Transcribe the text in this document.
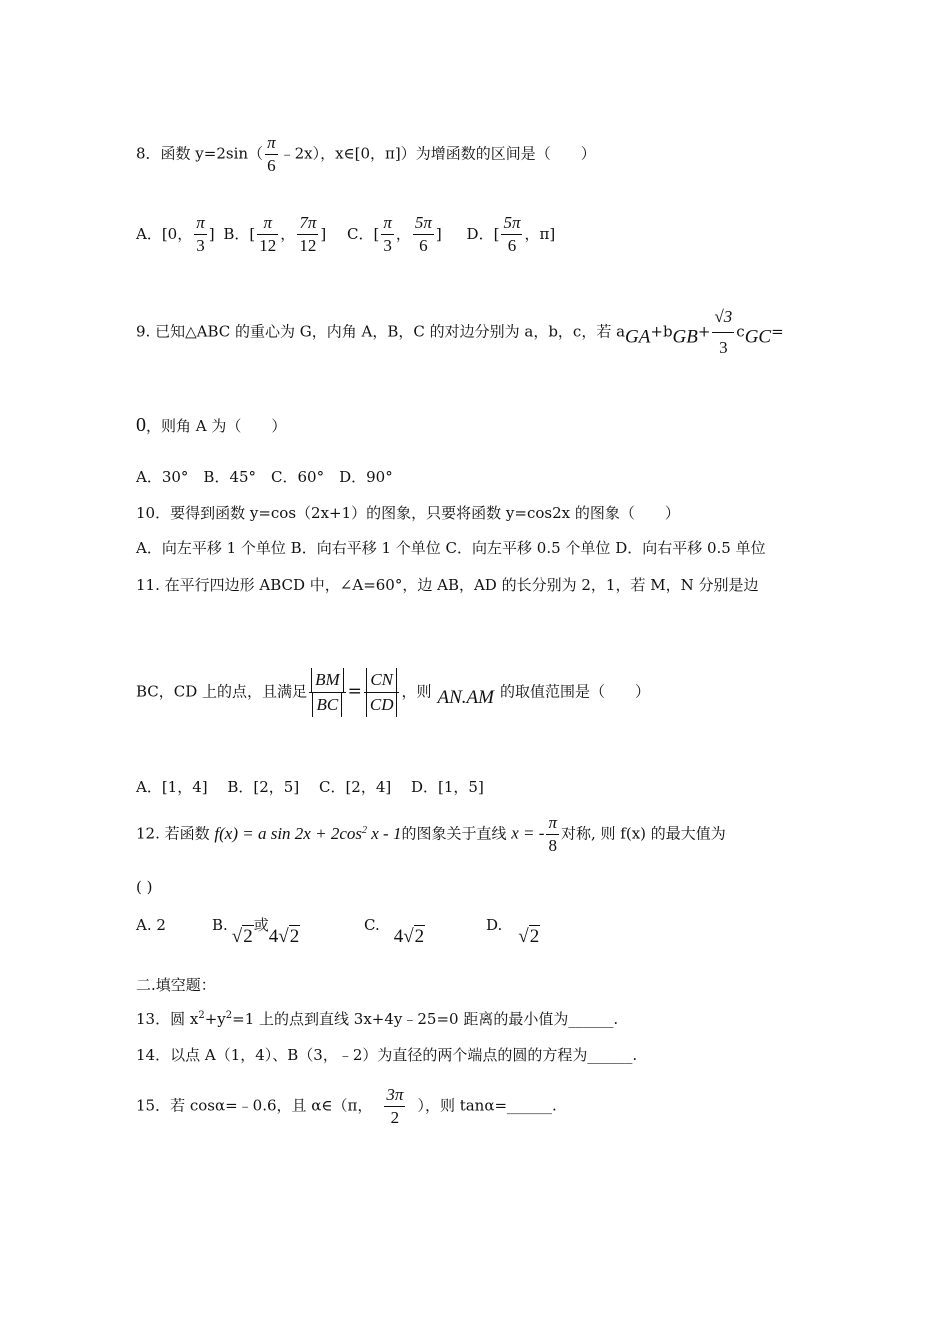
8．函数 $y=2\sin( \frac{\pi}{6}$ ﹣2x），x∈[0，π]）为增函数的区间是（　　）
A．[0， $\frac{\pi}{3}$ ] B．[ $\frac{\pi}{12}$ ， $\frac{7\pi}{12}$ ] C．[ $\frac{\pi}{3}$ ， $\frac{5\pi}{6}$ ] D．[ $\frac{5\pi}{6}$ ，π]
9. 已知△ABC 的重心为 G，内角 A，B，C 的对边分别为 a，b，c，若 $aGA+bGB+ \frac{√3}{3} cGC=$
0，则角 A 为（　　）
A．30°　B．45°　C．60°　D．90°
10．要得到函数 y=cos（2x+1）的图象，只要将函数 y=cos2x 的图象（　　）
A．向左平移 1 个单位 B．向右平移 1 个单位 C．向左平移 0.5 个单位 D．向右平移 0.5 单位
11. 在平行四边形 ABCD 中，∠A=60°，边 AB，AD 的长分别为 2，1，若 M，N 分别是边
BC，CD 上的点，且满足 $\frac{BM}{BC} = \frac{CN}{CD}$ ，则 AN.AM 的取值范围是（　　）
A．[1，4]　 B．[2，5]　 C．[2，4]　 D．[1，5]
12. 若函数 f(x) = a $\sin 2x + 2\cos^2$ x - 1的图象关于直线 x = - $\frac{\pi}{8}$ 对称, 则 f(x) 的最大值为
( )
A. 2	B.√2或4√2
C.4√2
D.√2
二.填空题：
13．圆 $x^2+y^2=1$ 上的点到直线 3x+4y﹣25=0 距离的最小值为______.
14．以点 A（1，4）、B（3，﹣2）为直径的两个端点的圆的方程为______.
15．若 cosα=﹣0.6，且 α∈（π， $\frac{3\pi}{2}$ ），则 tanα=______.
